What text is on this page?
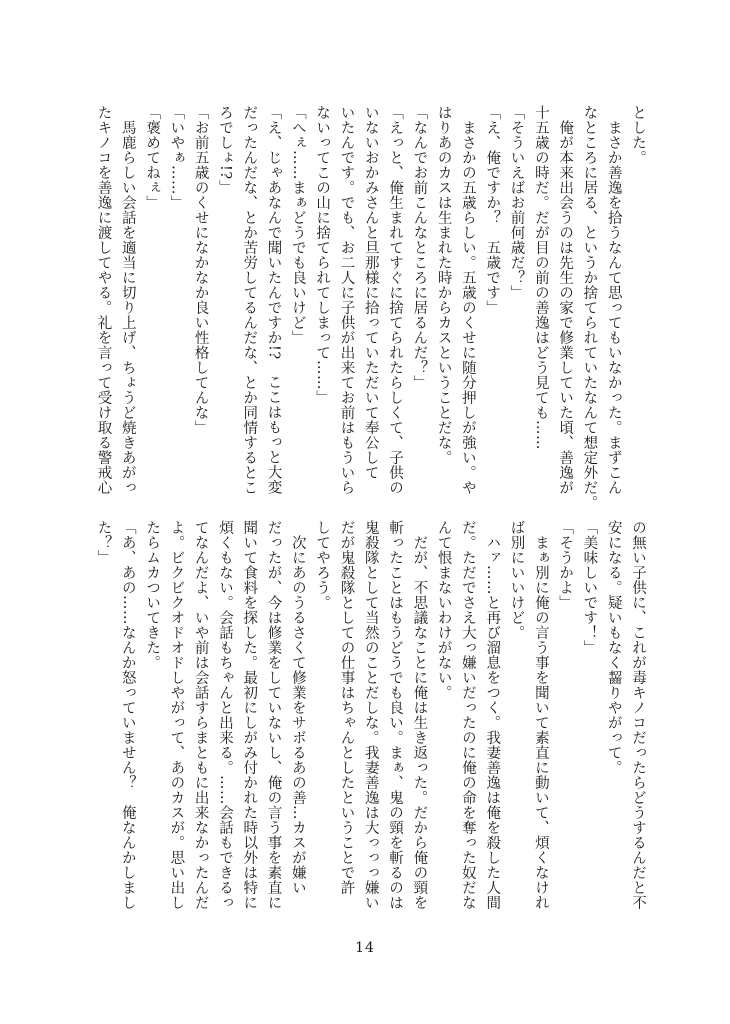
とした。
　まさか善逸を拾うなんて思ってもいなかった。まずこん
なところに居る、というか捨てられていたなんて想定外だ。
　俺が本来出会うのは先生の家で修業していた頃、善逸が
十五歳の時だ。だが目の前の善逸はどう見ても……
「そういえばお前何歳だ？」
「え、俺ですか？　五歳です」
　まさかの五歳らしい。五歳のくせに随分押しが強い。や
はりあのカスは生まれた時からカスということだな。
「なんでお前こんなところに居るんだ？」
「えっと、俺生まれてすぐに捨てられたらしくて、子供の
いないおかみさんと旦那様に拾っていただいて奉公して
いたんです。でも、お二人に子供が出来てお前はもういら
ないってこの山に捨てられてしまって……」
「へぇ……まぁどうでも良いけど」
「え、じゃあなんで聞いたんですか!?　ここはもっと大変
だったんだな、とか苦労してるんだな、とか同情するとこ
ろでしょ!?」
「お前五歳のくせになかなか良い性格してんな」
「いやぁ……」
「褒めてねぇ」
　馬鹿らしい会話を適当に切り上げ、ちょうど焼きあがっ
たキノコを善逸に渡してやる。礼を言って受け取る警戒心
の無い子供に、これが毒キノコだったらどうするんだと不
安になる。疑いもなく齧りやがって。
「美味しいです！」
「そうかよ」
　まぁ別に俺の言う事を聞いて素直に動いて、煩くなけれ
ば別にいいけど。
　ハァ……と再び溜息をつく。我妻善逸は俺を殺した人間
だ。ただでさえ大っ嫌いだったのに俺の命を奪った奴だな
んて恨まないわけがない。
　だが、不思議なことに俺は生き返った。だから俺の頸を
斬ったことはもうどうでも良い。まぁ、鬼の頸を斬るのは
鬼殺隊として当然のことだしな。我妻善逸は大っっっ嫌い
だが鬼殺隊としての仕事はちゃんとしたということで許
してやろう。
　次にあのうるさくて修業をサボるあの善…カスが嫌い
だったが、今は修業をしていないし、俺の言う事を素直に
聞いて食料を探した。最初にしがみ付かれた時以外は特に
煩くもない。会話もちゃんと出来る。……会話もできるっ
てなんだよ、いや前は会話すらまともに出来なかったんだ
よ。ビクビクオドオドしやがって、あのカスが。思い出し
たらムカついてきた。
「あ、あの……なんか怒っていません？　俺なんかしまし
た？」
14
